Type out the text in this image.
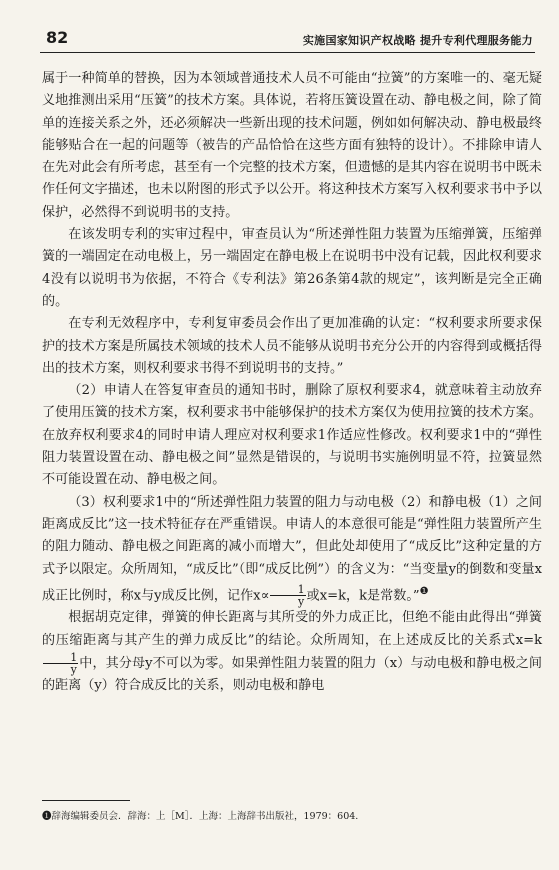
82	实施国家知识产权战略 提升专利代理服务能力

属于一种简单的替换，因为本领域普通技术人员不可能由“拉簧”的方案唯一的、毫无疑义地推测出采用“压簧”的技术方案。具体说，若将压簧设置在动、静电极之间，除了简单的连接关系之外，还必须解决一些新出现的技术问题，例如如何解决动、静电极最终能够贴合在一起的问题等（被告的产品恰恰在这些方面有独特的设计）。不排除申请人在先对此会有所考虑，甚至有一个完整的技术方案，但遗憾的是其内容在说明书中既未作任何文字描述，也未以附图的形式予以公开。将这种技术方案写入权利要求书中予以保护，必然得不到说明书的支持。

在该发明专利的实审过程中，审查员认为“所述弹性阻力装置为压缩弹簧，压缩弹簧的一端固定在动电极上，另一端固定在静电极上在说明书中没有记载，因此权利要求4没有以说明书为依据，不符合《专利法》第26条第4款的规定”，该判断是完全正确的。

在专利无效程序中，专利复审委员会作出了更加准确的认定：“权利要求所要求保护的技术方案是所属技术领域的技术人员不能够从说明书充分公开的内容得到或概括得出的技术方案，则权利要求书得不到说明书的支持。”

（2）申请人在答复审查员的通知书时，删除了原权利要求4，就意味着主动放弃了使用压簧的技术方案，权利要求书中能够保护的技术方案仅为使用拉簧的技术方案。在放弃权利要求4的同时申请人理应对权利要求1作适应性修改。权利要求1中的“弹性阻力装置设置在动、静电极之间”显然是错误的，与说明书实施例明显不符，拉簧显然不可能设置在动、静电极之间。

（3）权利要求1中的“所述弹性阻力装置的阻力与动电极（2）和静电极（1）之间距离成反比”这一技术特征存在严重错误。申请人的本意很可能是“弹性阻力装置所产生的阻力随动、静电极之间距离的减小而增大”，但此处却使用了“成反比”这种定量的方式予以限定。众所周知，“成反比”（即“成反比例”）的含义为：“当变量y的倒数和变量x成正比例时，称x与y成反比例，记作$x\propto \frac{1}{y}$ 或x=k，k是常数。”$^❶$

根据胡克定律，弹簧的伸长距离与其所受的外力成正比，但绝不能由此得出“弹簧的压缩距离与其产生的弹力成反比”的结论。众所周知，在上述成反比的关系式x=k
$\frac{1}{y}$ 中，其分母y不可以为零。如果弹性阻力装置的阻力（x）与动电极和静电极之间的距离（y）符合成反比的关系，则动电极和静电

❶辞海编辑委员会．辞海：上［M］．上海：上海辞书出版社，1979：604.
